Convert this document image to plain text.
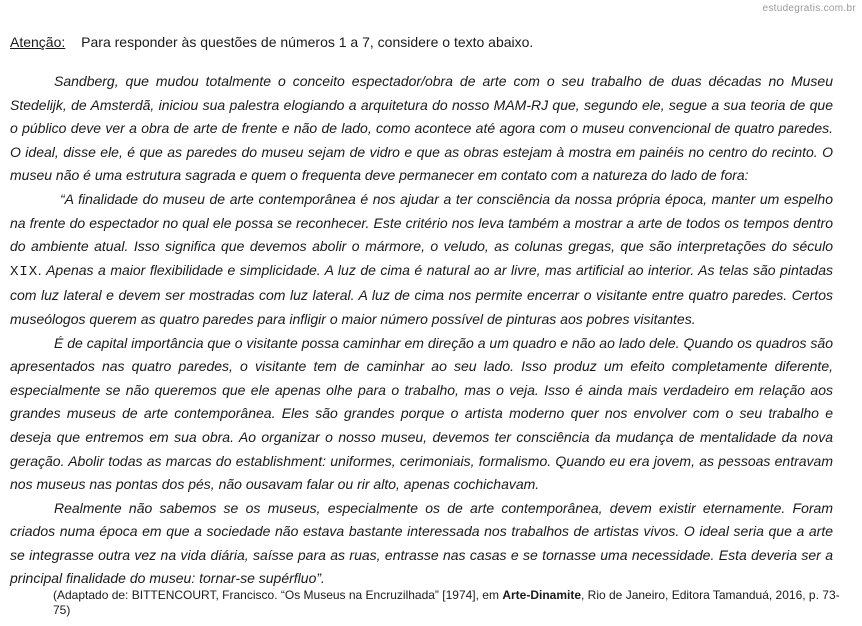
estudegratis.com.br
Atenção: Para responder às questões de números 1 a 7, considere o texto abaixo.

Sandberg, que mudou totalmente o conceito espectador/obra de arte com o seu trabalho de duas décadas no Museu Stedelijk, de Amsterdã, iniciou sua palestra elogiando a arquitetura do nosso MAM-RJ que, segundo ele, segue a sua teoria de que o público deve ver a obra de arte de frente e não de lado, como acontece até agora com o museu convencional de quatro paredes. O ideal, disse ele, é que as paredes do museu sejam de vidro e que as obras estejam à mostra em painéis no centro do recinto. O museu não é uma estrutura sagrada e quem o frequenta deve permanecer em contato com a natureza do lado de fora:

“A finalidade do museu de arte contemporânea é nos ajudar a ter consciência da nossa própria época, manter um espelho na frente do espectador no qual ele possa se reconhecer. Este critério nos leva também a mostrar a arte de todos os tempos dentro do ambiente atual. Isso significa que devemos abolir o mármore, o veludo, as colunas gregas, que são interpretações do século XIX. Apenas a maior flexibilidade e simplicidade. A luz de cima é natural ao ar livre, mas artificial ao interior. As telas são pintadas com luz lateral e devem ser mostradas com luz lateral. A luz de cima nos permite encerrar o visitante entre quatro paredes. Certos museólogos querem as quatro paredes para infligir o maior número possível de pinturas aos pobres visitantes.

É de capital importância que o visitante possa caminhar em direção a um quadro e não ao lado dele. Quando os quadros são apresentados nas quatro paredes, o visitante tem de caminhar ao seu lado. Isso produz um efeito completamente diferente, especialmente se não queremos que ele apenas olhe para o trabalho, mas o veja. Isso é ainda mais verdadeiro em relação aos grandes museus de arte contemporânea. Eles são grandes porque o artista moderno quer nos envolver com o seu trabalho e deseja que entremos em sua obra. Ao organizar o nosso museu, devemos ter consciência da mudança de mentalidade da nova geração. Abolir todas as marcas do establishment: uniformes, cerimoniais, formalismo. Quando eu era jovem, as pessoas entravam nos museus nas pontas dos pés, não ousavam falar ou rir alto, apenas cochichavam.

Realmente não sabemos se os museus, especialmente os de arte contemporânea, devem existir eternamente. Foram criados numa época em que a sociedade não estava bastante interessada nos trabalhos de artistas vivos. O ideal seria que a arte se integrasse outra vez na vida diária, saísse para as ruas, entrasse nas casas e se tornasse uma necessidade. Esta deveria ser a principal finalidade do museu: tornar-se supérfluo”.

(Adaptado de: BITTENCOURT, Francisco. “Os Museus na Encruzilhada” [1974], em Arte-Dinamite, Rio de Janeiro, Editora Tamanduá, 2016, p. 73-75)
